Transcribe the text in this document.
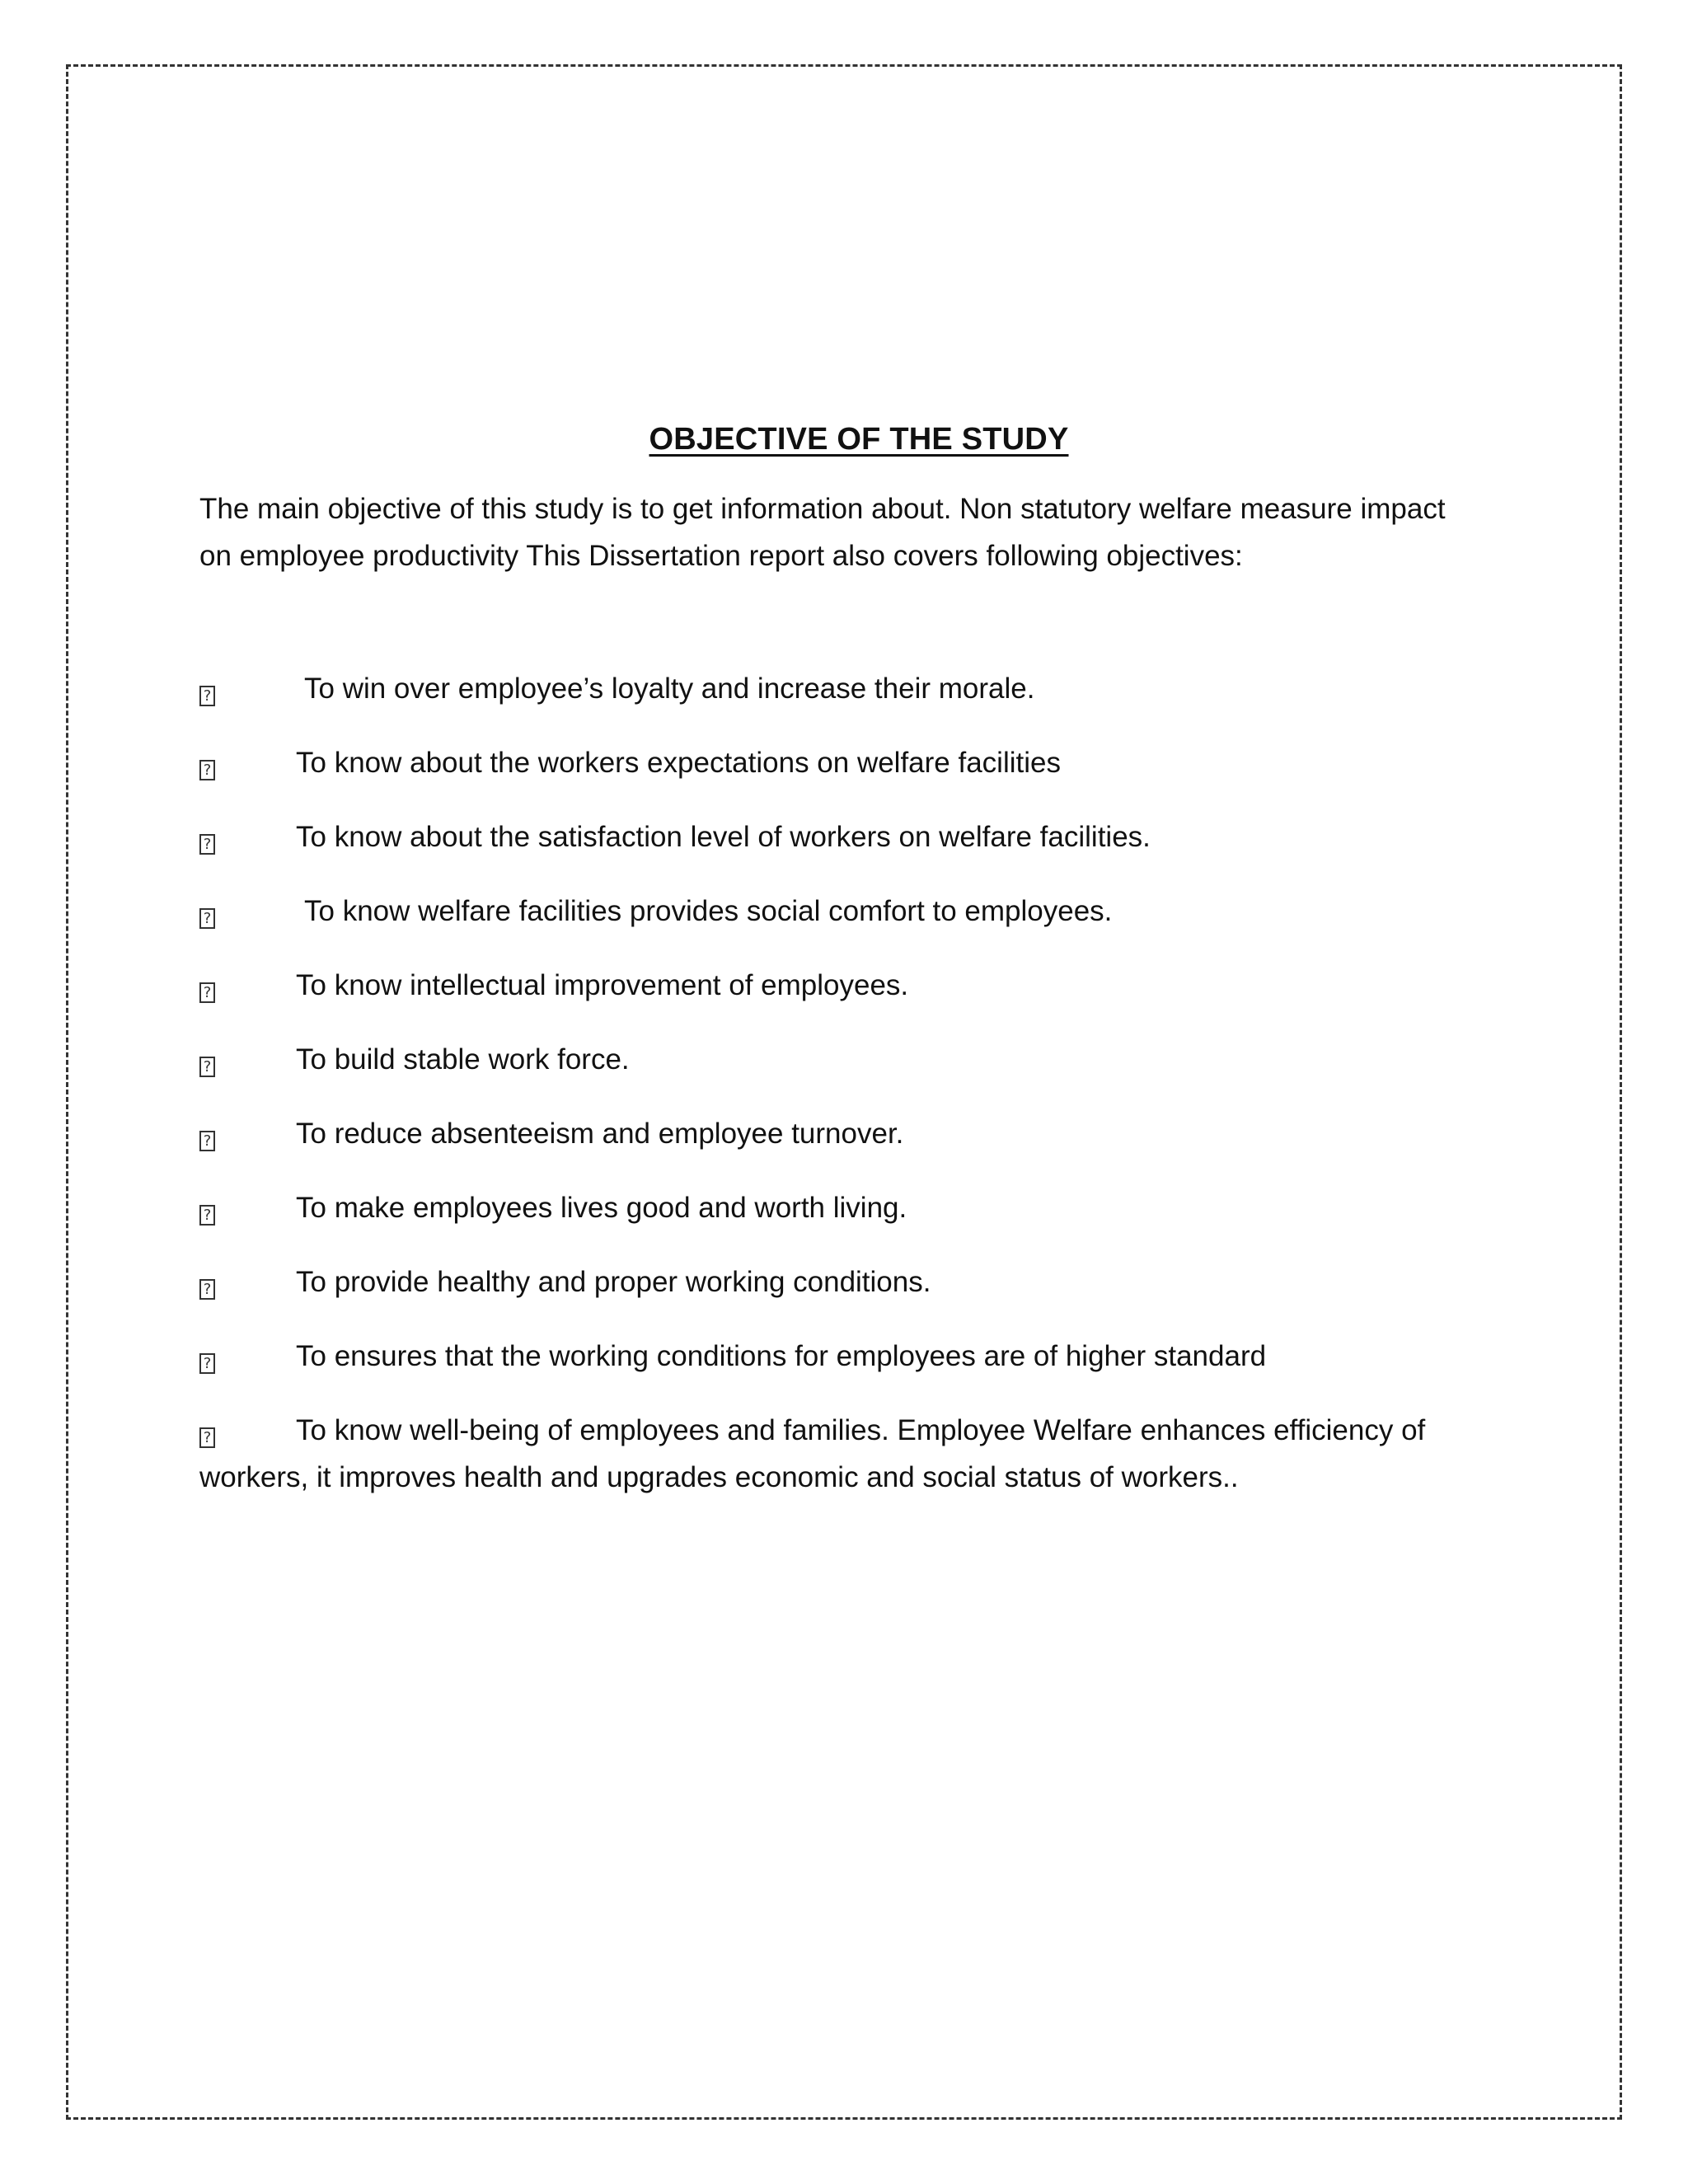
OBJECTIVE OF THE STUDY

The main objective of this study is to get information about. Non statutory welfare measure impact on employee productivity This Dissertation report also covers following objectives:

?	To win over employee’s loyalty and increase their morale.
?	To know about the workers expectations on welfare facilities
?	To know about the satisfaction level of workers on welfare facilities.
?	To know welfare facilities provides social comfort to employees.
?	To know intellectual improvement of employees.
?	To build stable work force.
?	To reduce absenteeism and employee turnover.
?	To make employees lives good and worth living.
?	To provide healthy and proper working conditions.
?	To ensures that the working conditions for employees are of higher standard
?	To know well-being of employees and families. Employee Welfare enhances efficiency of workers, it improves health and upgrades economic and social status of workers..
